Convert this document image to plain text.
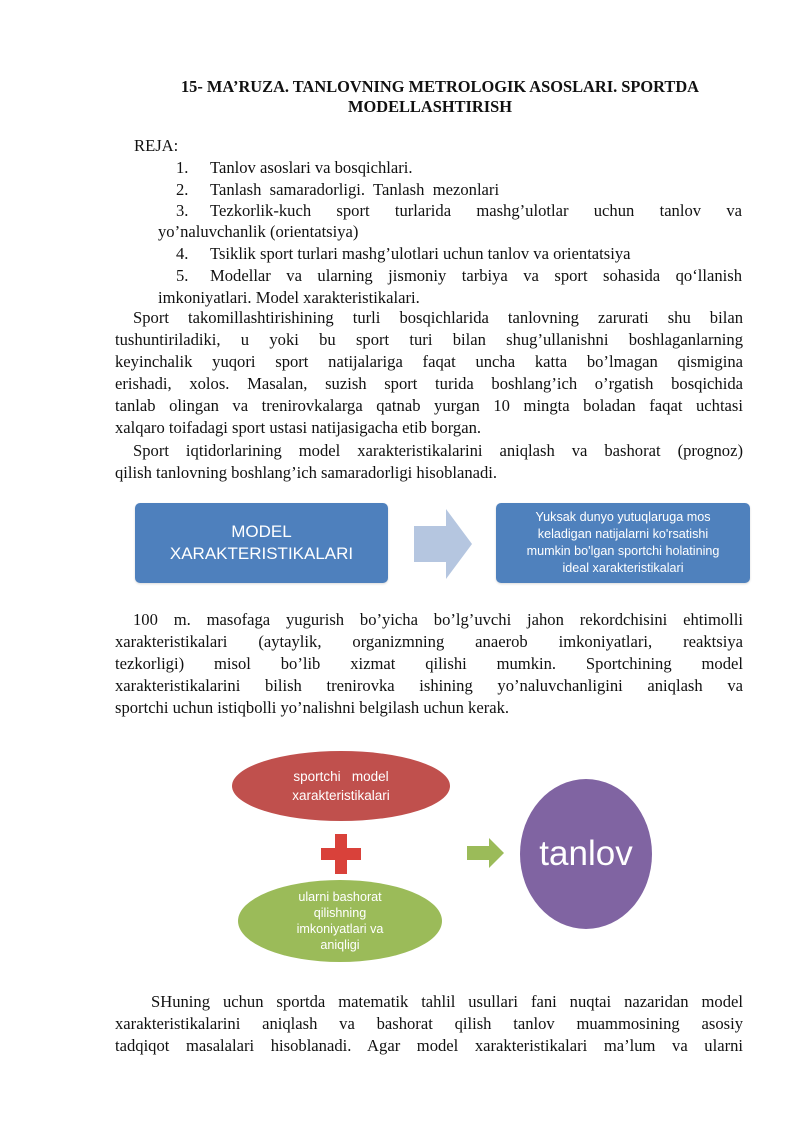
15- MA’RUZA. TANLOVNING METROLOGIK ASOSLARI. SPORTDA
MODELLASHTIRISH
REJA:
1.	Tanlov asoslari va bosqichlari.
2.	Tanlash  samaradorligi.  Tanlash  mezonlari
3.	Tezkorlik-kuch sport turlarida mashg’ulotlar uchun tanlov va
yo’naluvchanlik (orientatsiya)
4.	Tsiklik sport turlari mashg’ulotlari uchun tanlov va orientatsiya
5.	Modellar va ularning jismoniy tarbiya va sport sohasida qo‘llanish
imkoniyatlari. Model xarakteristikalari.
Sport takomillashtirishining turli bosqichlarida tanlovning zarurati shu bilan
tushuntiriladiki, u yoki bu sport turi bilan shug’ullanishni boshlaganlarning
keyinchalik yuqori sport natijalariga faqat uncha katta bo’lmagan qismigina
erishadi, xolos. Masalan, suzish sport turida boshlang’ich o’rgatish bosqichida
tanlab olingan va trenirovkalarga qatnab yurgan 10 mingta boladan faqat uchtasi
xalqaro toifadagi sport ustasi natijasigacha etib borgan.
Sport iqtidorlarining model xarakteristikalarini aniqlash va bashorat (prognoz)
qilish tanlovning boshlang’ich samaradorligi hisoblanadi.
MODEL
XARAKTERISTIKALARI
Yuksak dunyo yutuqlaruga mos
keladigan natijalarni ko'rsatishi
mumkin bo'lgan sportchi holatining
ideal xarakteristikalari
100 m. masofaga yugurish bo’yicha bo’lg’uvchi jahon rekordchisini ehtimolli
xarakteristikalari (aytaylik, organizmning anaerob imkoniyatlari, reaktsiya
tezkorligi) misol bo’lib xizmat qilishi mumkin. Sportchining model
xarakteristikalarini bilish trenirovka ishining yo’naluvchanligini aniqlash va
sportchi uchun istiqbolli yo’nalishni belgilash uchun kerak.
sportchi   model
xarakteristikalari
ularni bashorat
qilishning
imkoniyatlari va
aniqligi
tanlov
SHuning uchun sportda matematik tahlil usullari fani nuqtai nazaridan model
xarakteristikalarini aniqlash va bashorat qilish tanlov muammosining asosiy
tadqiqot masalalari hisoblanadi. Agar model xarakteristikalari ma’lum va ularni
